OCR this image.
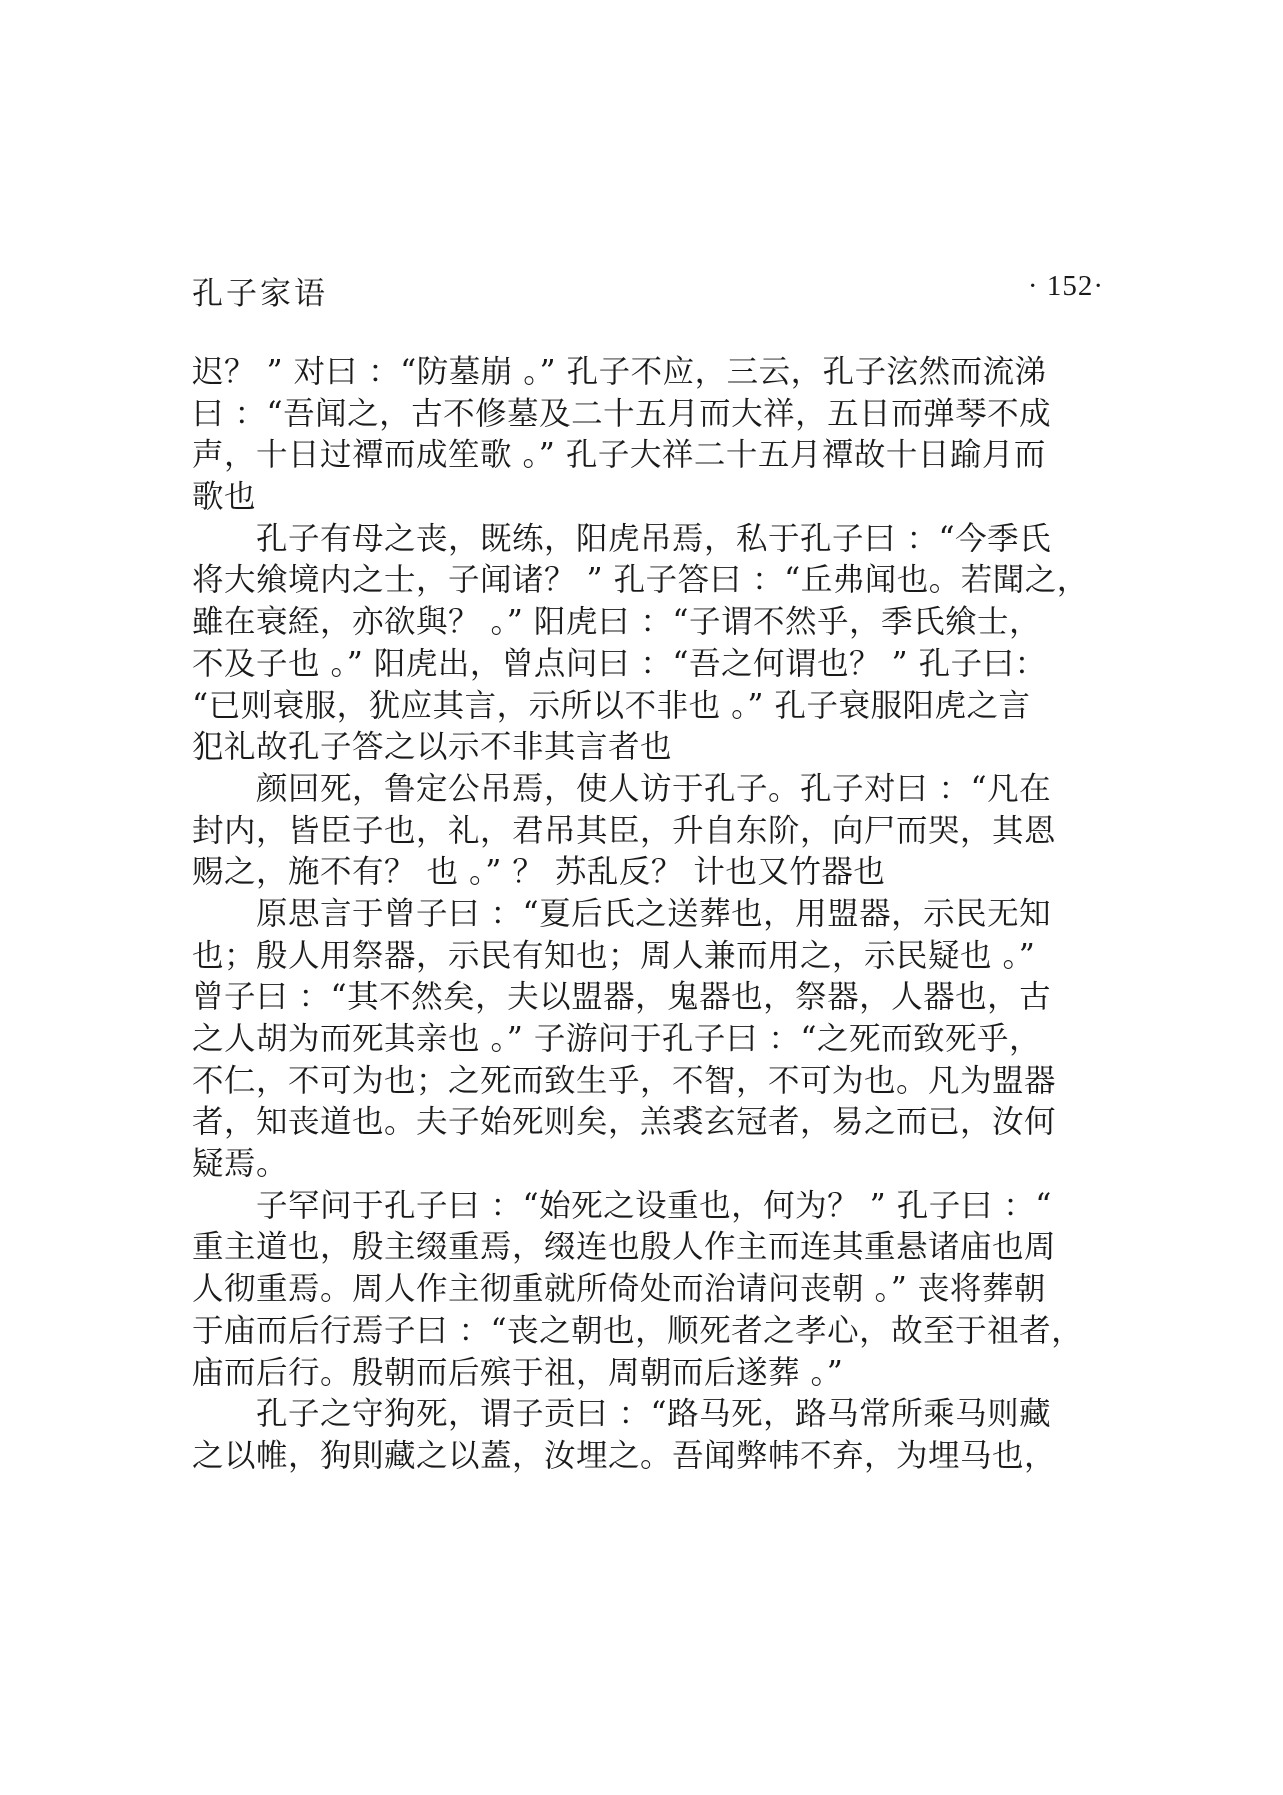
孔子家语	· 152·
迟？ ” 对曰 ：“防墓崩 。” 孔子不应，三云，孔子泫然而流涕
曰 ：“吾闻之，古不修墓及二十五月而大祥，五日而弹琴不成
声，十日过禫而成笙歌 。” 孔子大祥二十五月禫故十日踰月而
歌也
孔子有母之丧，既练，阳虎吊焉，私于孔子曰 ：“今季氏
将大飨境内之士，子闻诸？ ” 孔子答曰 ：“丘弗闻也。若聞之，
雖在衰絰，亦欲與？ 。” 阳虎曰 ：“子谓不然乎，季氏飨士，
不及子也 。” 阳虎出，曾点问曰 ：“吾之何谓也？ ” 孔子曰：
“已则衰服，犹应其言，示所以不非也 。” 孔子衰服阳虎之言
犯礼故孔子答之以示不非其言者也
颜回死，鲁定公吊焉，使人访于孔子。孔子对曰 ：“凡在
封内，皆臣子也，礼，君吊其臣，升自东阶，向尸而哭，其恩
赐之，施不有？ 也 。” ？ 苏乱反？ 计也又竹器也
原思言于曾子曰 ：“夏后氏之送葬也，用盟器，示民无知
也；殷人用祭器，示民有知也；周人兼而用之，示民疑也 。”
曾子曰 ：“其不然矣，夫以盟器，鬼器也，祭器，人器也，古
之人胡为而死其亲也 。” 子游问于孔子曰 ：“之死而致死乎，
不仁，不可为也；之死而致生乎，不智，不可为也。凡为盟器
者，知丧道也。夫子始死则矣，羔裘玄冠者，易之而已，汝何
疑焉。
子罕问于孔子曰 ：“始死之设重也，何为？ ” 孔子曰 ：“
重主道也，殷主缀重焉，缀连也殷人作主而连其重悬诸庙也周
人彻重焉。周人作主彻重就所倚处而治请问丧朝 。” 丧将葬朝
于庙而后行焉子曰 ：“丧之朝也，顺死者之孝心，故至于祖者，
庙而后行。殷朝而后殡于祖，周朝而后遂葬 。”
孔子之守狗死，谓子贡曰 ：“路马死，路马常所乘马则藏
之以帷，狗則藏之以蓋，汝埋之。吾闻弊帏不弃，为埋马也，
